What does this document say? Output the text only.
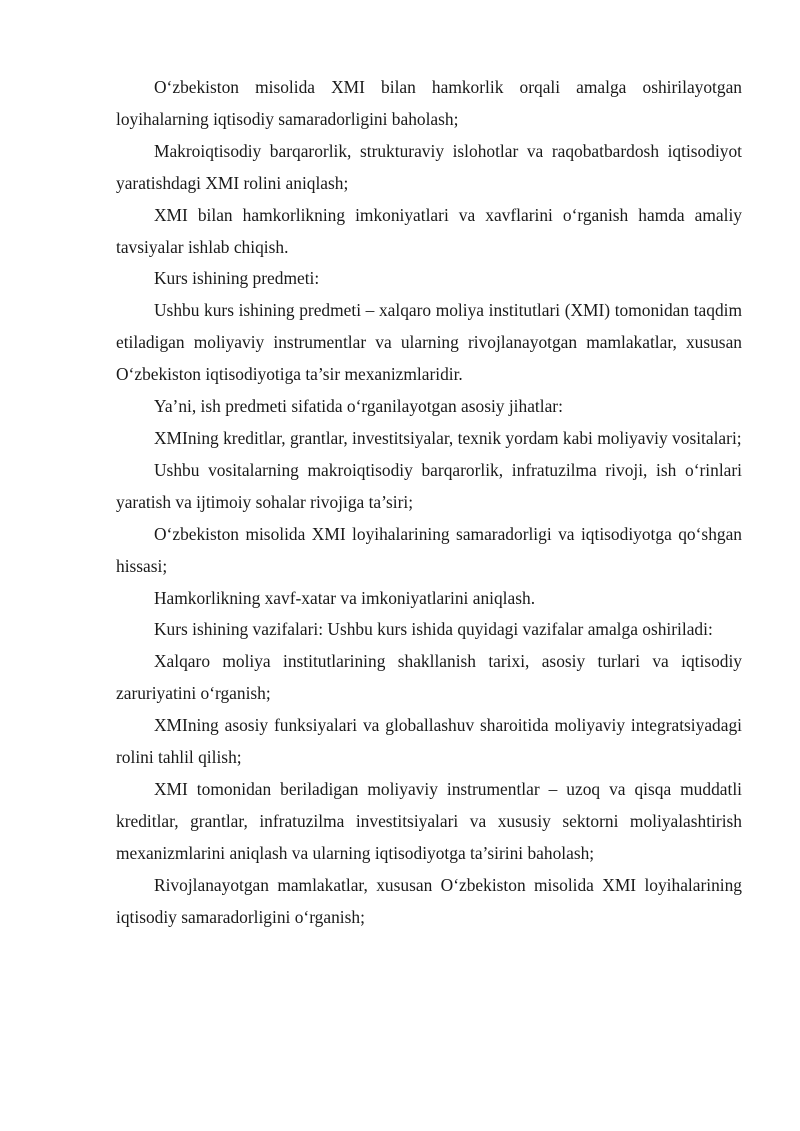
O‘zbekiston misolida XMI bilan hamkorlik orqali amalga oshirilayotgan loyihalarning iqtisodiy samaradorligini baholash;

Makroiqtisodiy barqarorlik, strukturaviy islohotlar va raqobatbardosh iqtisodiyot yaratishdagi XMI rolini aniqlash;

XMI bilan hamkorlikning imkoniyatlari va xavflarini o‘rganish hamda amaliy tavsiyalar ishlab chiqish.

Kurs ishining predmeti:

Ushbu kurs ishining predmeti – xalqaro moliya institutlari (XMI) tomonidan taqdim etiladigan moliyaviy instrumentlar va ularning rivojlanayotgan mamlakatlar, xususan O‘zbekiston iqtisodiyotiga ta’sir mexanizmlaridir.

Ya’ni, ish predmeti sifatida o‘rganilayotgan asosiy jihatlar:

XMIning kreditlar, grantlar, investitsiyalar, texnik yordam kabi moliyaviy vositalari;

Ushbu vositalarning makroiqtisodiy barqarorlik, infratuzilma rivoji, ish o‘rinlari yaratish va ijtimoiy sohalar rivojiga ta’siri;

O‘zbekiston misolida XMI loyihalarining samaradorligi va iqtisodiyotga qo‘shgan hissasi;

Hamkorlikning xavf-xatar va imkoniyatlarini aniqlash.

Kurs ishining vazifalari: Ushbu kurs ishida quyidagi vazifalar amalga oshiriladi:

Xalqaro moliya institutlarining shakllanish tarixi, asosiy turlari va iqtisodiy zaruriyatini o‘rganish;

XMIning asosiy funksiyalari va globallashuv sharoitida moliyaviy integratsiyadagi rolini tahlil qilish;

XMI tomonidan beriladigan moliyaviy instrumentlar – uzoq va qisqa muddatli kreditlar, grantlar, infratuzilma investitsiyalari va xususiy sektorni moliyalashtirish mexanizmlarini aniqlash va ularning iqtisodiyotga ta’sirini baholash;

Rivojlanayotgan mamlakatlar, xususan O‘zbekiston misolida XMI loyihalarining iqtisodiy samaradorligini o‘rganish;
